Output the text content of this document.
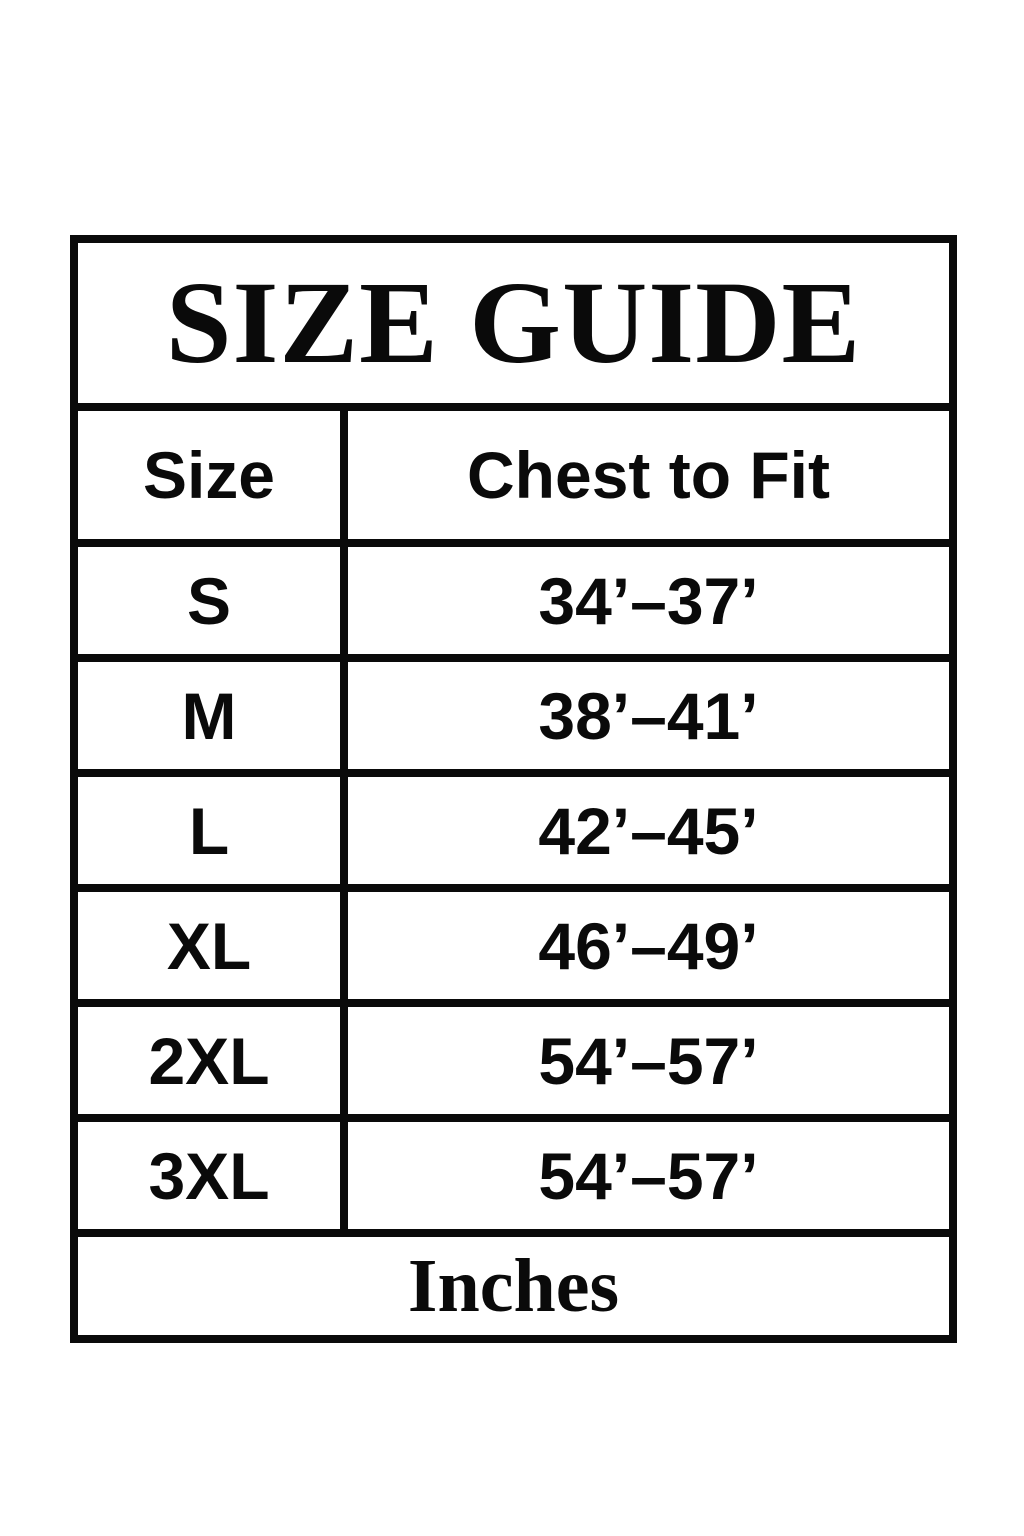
SIZE GUIDE
Size	Chest to Fit
S	34’–37’
M	38’–41’
L	42’–45’
XL	46’–49’
2XL	54’–57’
3XL	54’–57’
Inches
